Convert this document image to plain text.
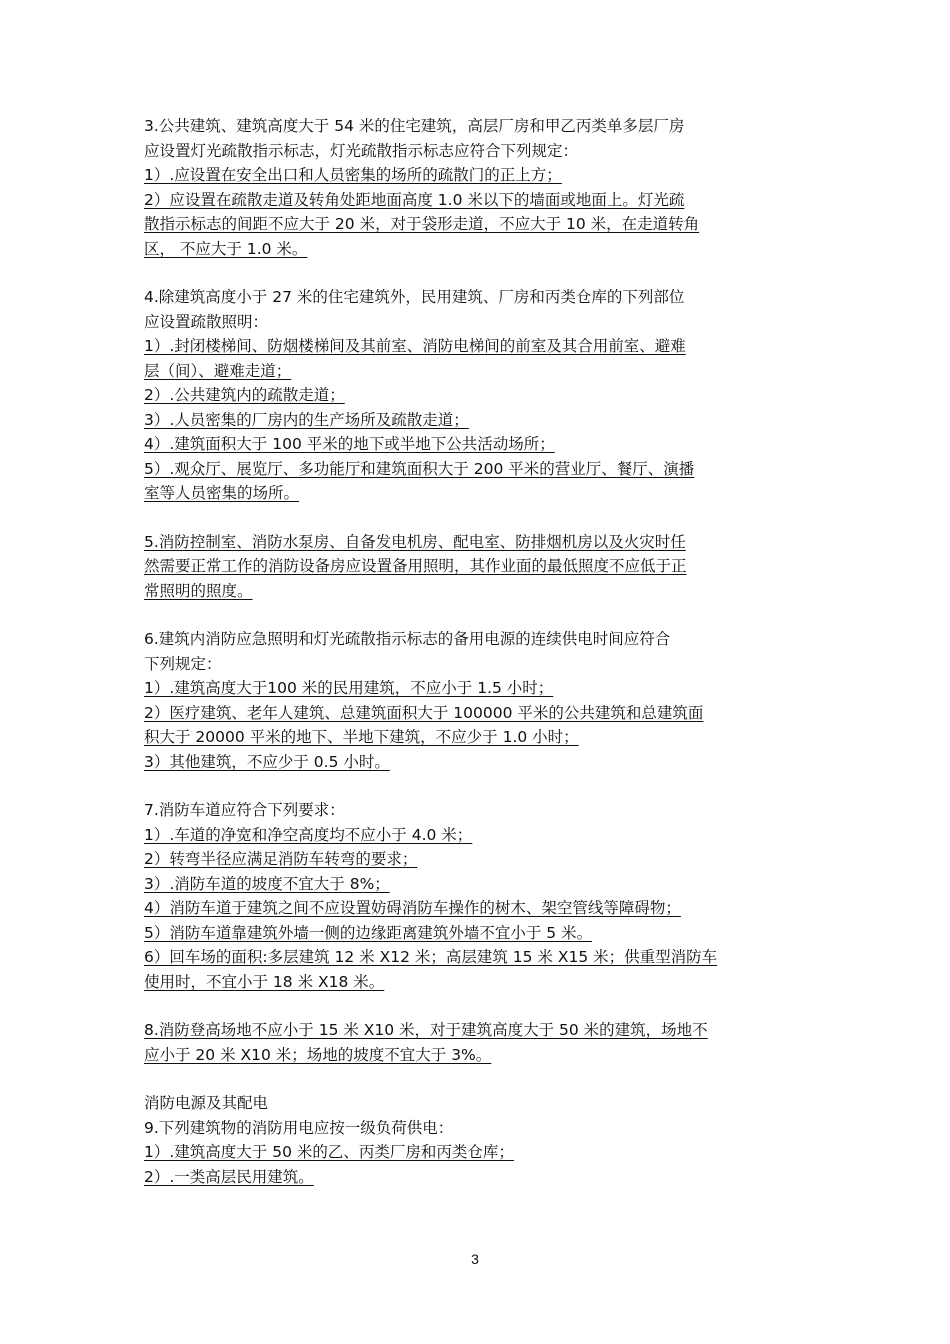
3.公共建筑、建筑高度大于 54 米的住宅建筑，高层厂房和甲乙丙类单多层厂房
应设置灯光疏散指示标志，灯光疏散指示标志应符合下列规定：
1）.应设置在安全出口和人员密集的场所的疏散门的正上方；
2）应设置在疏散走道及转角处距地面高度 1.0 米以下的墙面或地面上。灯光疏
散指示标志的间距不应大于 20 米，对于袋形走道，不应大于 10 米，在走道转角
区， 不应大于 1.0 米。
4.除建筑高度小于 27 米的住宅建筑外，民用建筑、厂房和丙类仓库的下列部位
应设置疏散照明：
1）.封闭楼梯间、防烟楼梯间及其前室、消防电梯间的前室及其合用前室、避难
层（间）、避难走道；
2）.公共建筑内的疏散走道；
3）.人员密集的厂房内的生产场所及疏散走道；
4）.建筑面积大于 100 平米的地下或半地下公共活动场所；
5）.观众厅、展览厅、多功能厅和建筑面积大于 200 平米的营业厅、餐厅、演播
室等人员密集的场所。
5.消防控制室、消防水泵房、自备发电机房、配电室、防排烟机房以及火灾时任
然需要正常工作的消防设备房应设置备用照明，其作业面的最低照度不应低于正
常照明的照度。
6.建筑内消防应急照明和灯光疏散指示标志的备用电源的连续供电时间应符合
下列规定：
1）.建筑高度大于100 米的民用建筑，不应小于 1.5 小时；
2）医疗建筑、老年人建筑、总建筑面积大于 100000 平米的公共建筑和总建筑面
积大于 20000 平米的地下、半地下建筑，不应少于 1.0 小时；
3）其他建筑，不应少于 0.5 小时。
7.消防车道应符合下列要求：
1）.车道的净宽和净空高度均不应小于 4.0 米；
2）转弯半径应满足消防车转弯的要求；
3）.消防车道的坡度不宜大于 8%；
4）消防车道于建筑之间不应设置妨碍消防车操作的树木、架空管线等障碍物；
5）消防车道靠建筑外墙一侧的边缘距离建筑外墙不宜小于 5 米。
6）回车场的面积:多层建筑 12 米 X12 米；高层建筑 15 米 X15 米；供重型消防车
使用时，不宜小于 18 米 X18 米。
8.消防登高场地不应小于 15 米 X10 米，对于建筑高度大于 50 米的建筑，场地不
应小于 20 米 X10 米；场地的坡度不宜大于 3%。
消防电源及其配电
9.下列建筑物的消防用电应按一级负荷供电：
1）.建筑高度大于 50 米的乙、丙类厂房和丙类仓库；
2）.一类高层民用建筑。
3
